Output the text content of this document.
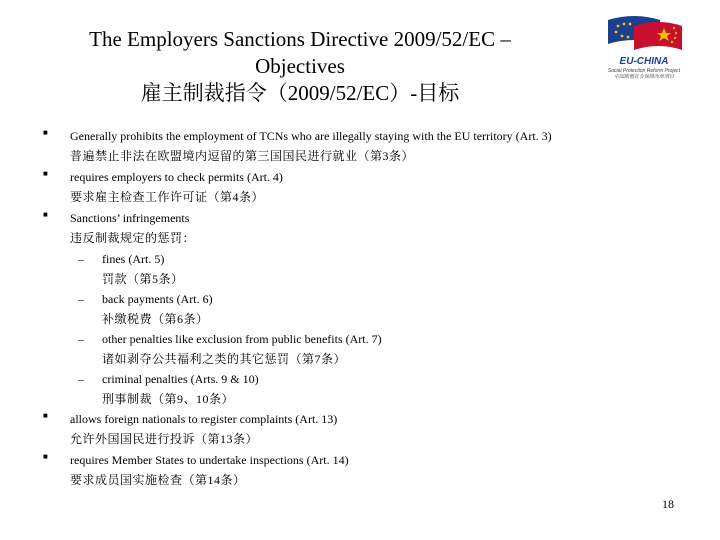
The Employers Sanctions Directive 2009/52/EC –
Objectives
雇主制裁指令（2009/52/EC）-目标
EU-CHINA
Social Protection Reform Project
中国欧盟社会保障改革项目
■ Generally prohibits the employment of TCNs who are illegally staying with the EU territory (Art. 3)
普遍禁止非法在欧盟境内逗留的第三国国民进行就业（第3条）
■ requires employers to check permits (Art. 4)
要求雇主检查工作许可证（第4条）
■ Sanctions’ infringements
违反制裁规定的惩罚：
– fines (Art. 5)
罚款（第5条）
– back payments (Art. 6)
补缴税费（第6条）
– other penalties like exclusion from public benefits (Art. 7)
诸如剥夺公共福利之类的其它惩罚（第7条）
– criminal penalties (Arts. 9 & 10)
刑事制裁（第9、10条）
■ allows foreign nationals to register complaints (Art. 13)
允许外国国民进行投诉（第13条）
■ requires Member States to undertake inspections (Art. 14)
要求成员国实施检查（第14条）
18
